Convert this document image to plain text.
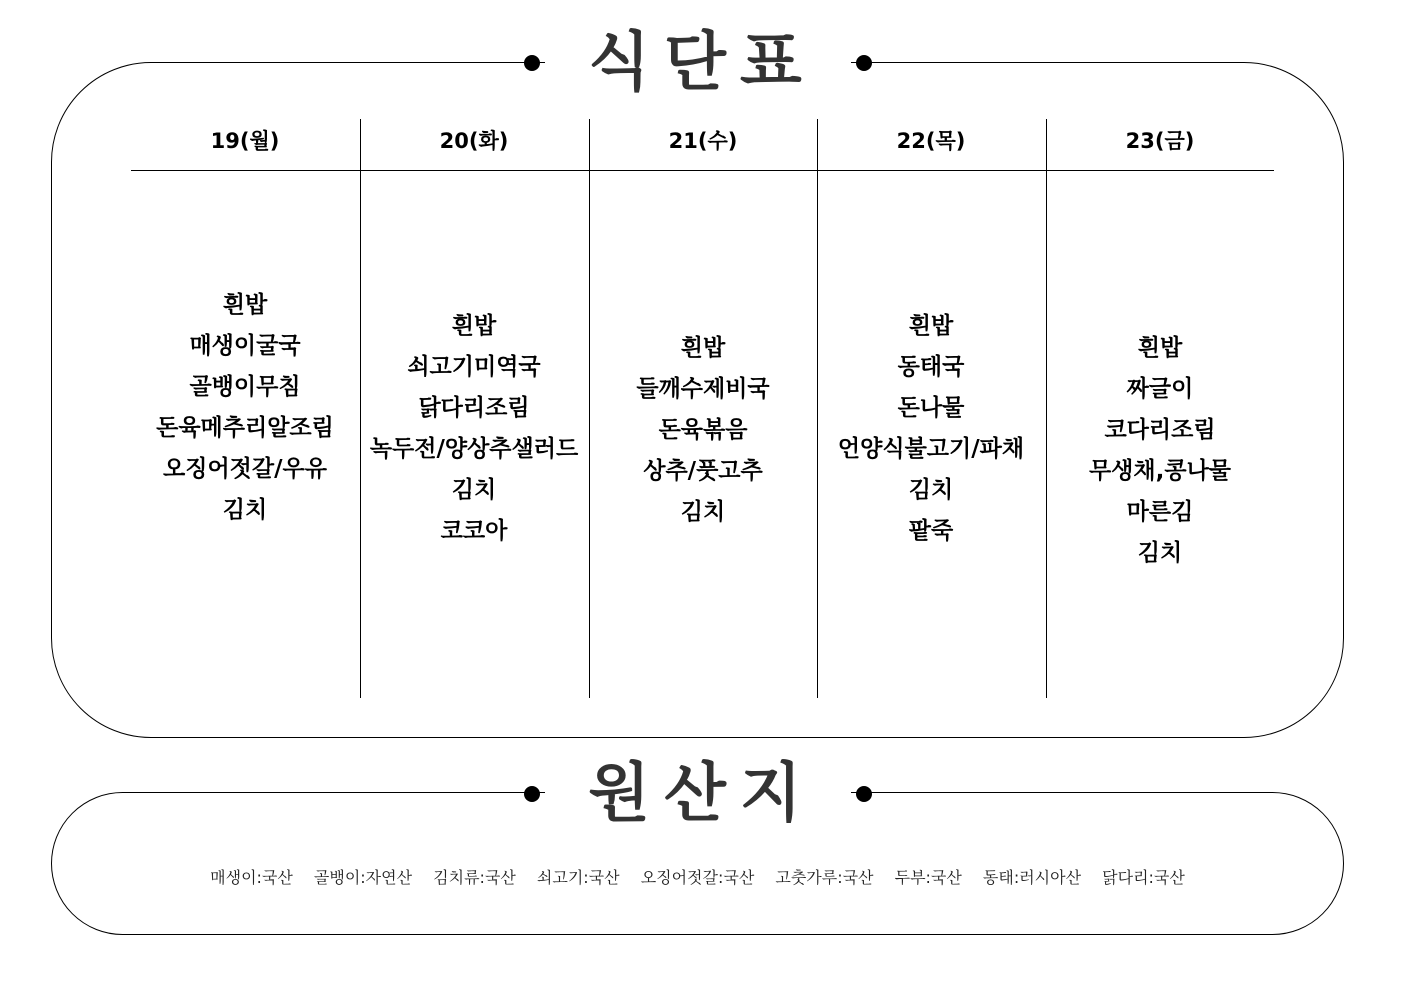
식단표
19(월)
흰밥
매생이굴국
골뱅이무침
돈육메추리알조림
오징어젓갈/우유
김치
20(화)
흰밥
쇠고기미역국
닭다리조림
녹두전/양상추샐러드
김치
코코아
21(수)
흰밥
들깨수제비국
돈육볶음
상추/풋고추
김치
22(목)
흰밥
동태국
돈나물
언양식불고기/파채
김치
팥죽
23(금)
흰밥
짜글이
코다리조림
무생채,콩나물
마른김
김치
원산지
매생이:국산 골뱅이:자연산 김치류:국산 쇠고기:국산 오징어젓갈:국산 고춧가루:국산 두부:국산 동태:러시아산 닭다리:국산
